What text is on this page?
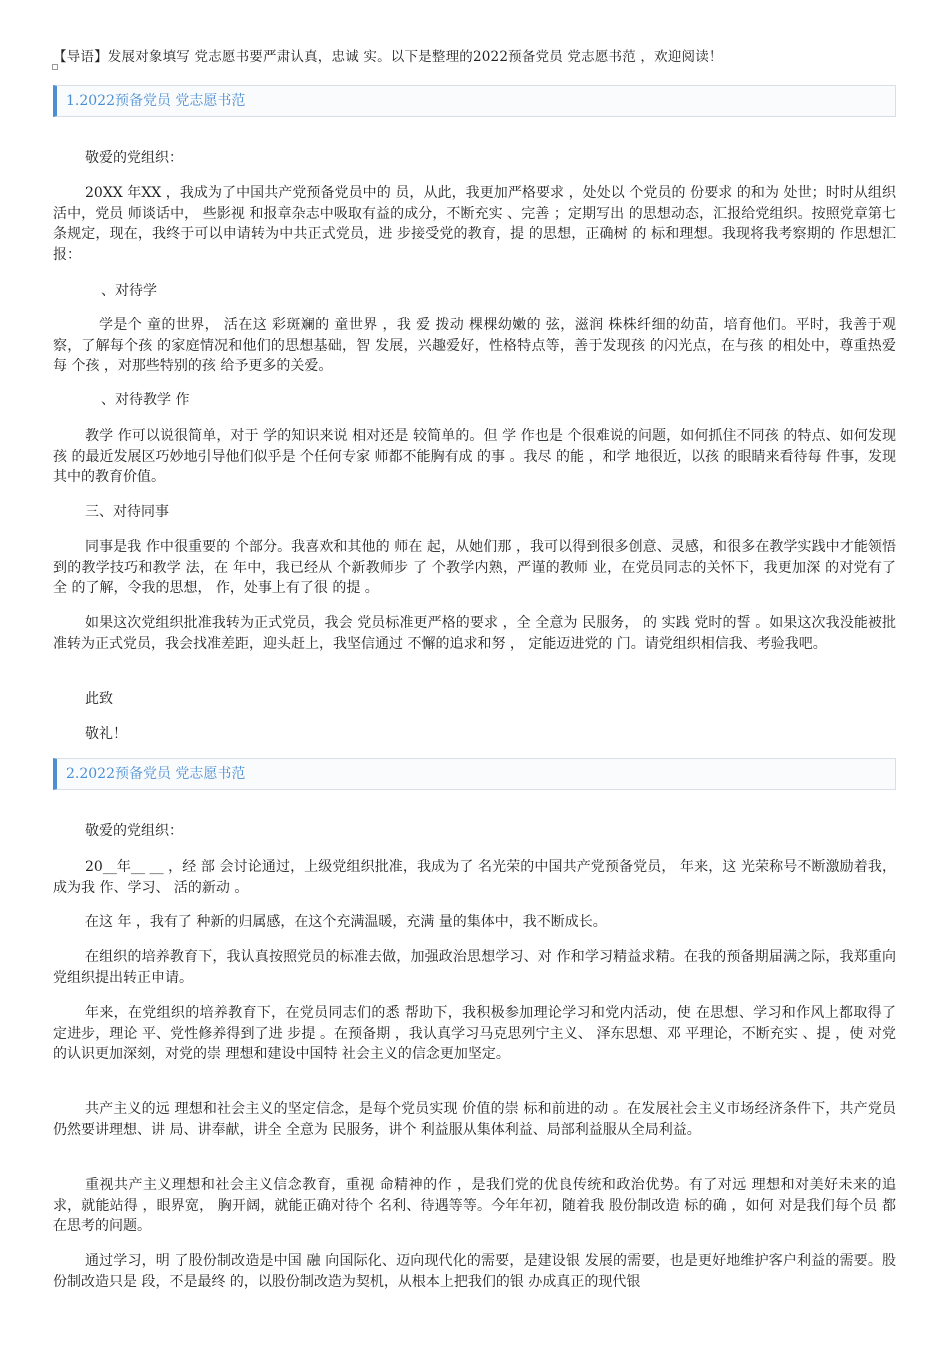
【导语】发展对象填写 党志愿书要严肃认真，忠诚 实。以下是整理的2022预备党员 党志愿书范 ，欢迎阅读！
1.2022预备党员 党志愿书范
敬爱的党组织：
20XX 年XX ，我成为了中国共产党预备党员中的 员，从此，我更加严格要求 ，处处以 个党员的 份要求 的和为 处世；时时从组织 活中，党员 师谈话中， 些影视 和报章杂志中吸取有益的成分，不断充实 、完善 ；定期写出 的思想动态，汇报给党组织。按照党章第七条规定，现在，我终于可以申请转为中共正式党员，进 步接受党的教育，提 的思想，正确树 的 标和理想。我现将我考察期的 作思想汇报：
、对待学
学是个 童的世界， 活在这 彩斑斓的 童世界 ，我 爱 拨动 棵棵幼嫩的 弦，滋润 株株纤细的幼苗，培育他们。平时，我善于观察，了解每个孩 的家庭情况和他们的思想基础，智 发展，兴趣爱好，性格特点等，善于发现孩 的闪光点，在与孩 的相处中，尊重热爱每 个孩 ，对那些特别的孩 给予更多的关爱。
、对待教学 作
教学 作可以说很简单，对于 学的知识来说 相对还是 较简单的。但 学 作也是 个很难说的问题，如何抓住不同孩 的特点、如何发现孩 的最近发展区巧妙地引导他们似乎是 个任何专家 师都不能胸有成 的事 。我尽 的能 ，和学 地很近，以孩 的眼睛来看待每 件事，发现其中的教育价值。
三、对待同事
同事是我 作中很重要的 个部分。我喜欢和其他的 师在 起，从她们那 ，我可以得到很多创意、灵感，和很多在教学实践中才能领悟到的教学技巧和教学 法，在 年中，我已经从 个新教师步 了 个教学内熟，严谨的教师 业，在党员同志的关怀下，我更加深 的对党有了全 的了解，令我的思想， 作，处事上有了很 的提 。
如果这次党组织批准我转为正式党员，我会 党员标准更严格的要求 ，全 全意为 民服务， 的 实践 党时的誓 。如果这次我没能被批准转为正式党员，我会找准差距，迎头赶上，我坚信通过 不懈的追求和努 ， 定能迈进党的 门。请党组织相信我、考验我吧。
此致
敬礼！
2.2022预备党员 党志愿书范
敬爱的党组织：
20__年__ __ ，经 部 会讨论通过，上级党组织批准，我成为了 名光荣的中国共产党预备党员， 年来，这 光荣称号不断激励着我，成为我 作、学习、 活的新动 。
在这 年 ，我有了 种新的归属感，在这个充满温暖，充满 量的集体中，我不断成长。
在组织的培养教育下，我认真按照党员的标准去做，加强政治思想学习、对 作和学习精益求精。在我的预备期届满之际，我郑重向党组织提出转正申请。
年来，在党组织的培养教育下，在党员同志们的悉 帮助下，我积极参加理论学习和党内活动，使 在思想、学习和作风上都取得了 定进步，理论 平、党性修养得到了进 步提 。在预备期 ，我认真学习马克思列宁主义、 泽东思想、邓 平理论，不断充实 、提 ，使 对党的认识更加深刻，对党的崇 理想和建设中国特 社会主义的信念更加坚定。
共产主义的远 理想和社会主义的坚定信念，是每个党员实现 价值的崇 标和前进的动 。在发展社会主义市场经济条件下，共产党员仍然要讲理想、讲 局、讲奉献，讲全 全意为 民服务，讲个 利益服从集体利益、局部利益服从全局利益。
重视共产主义理想和社会主义信念教育，重视 命精神的作 ，是我们党的优良传统和政治优势。有了对远 理想和对美好未来的追求，就能站得 ，眼界宽， 胸开阔，就能正确对待个 名利、待遇等等。今年年初，随着我 股份制改造 标的确 ，如何 对是我们每个员 都在思考的问题。
通过学习，明 了股份制改造是中国 融 向国际化、迈向现代化的需要，是建设银 发展的需要，也是更好地维护客户利益的需要。股份制改造只是 段，不是最终 的，以股份制改造为契机，从根本上把我们的银 办成真正的现代银
